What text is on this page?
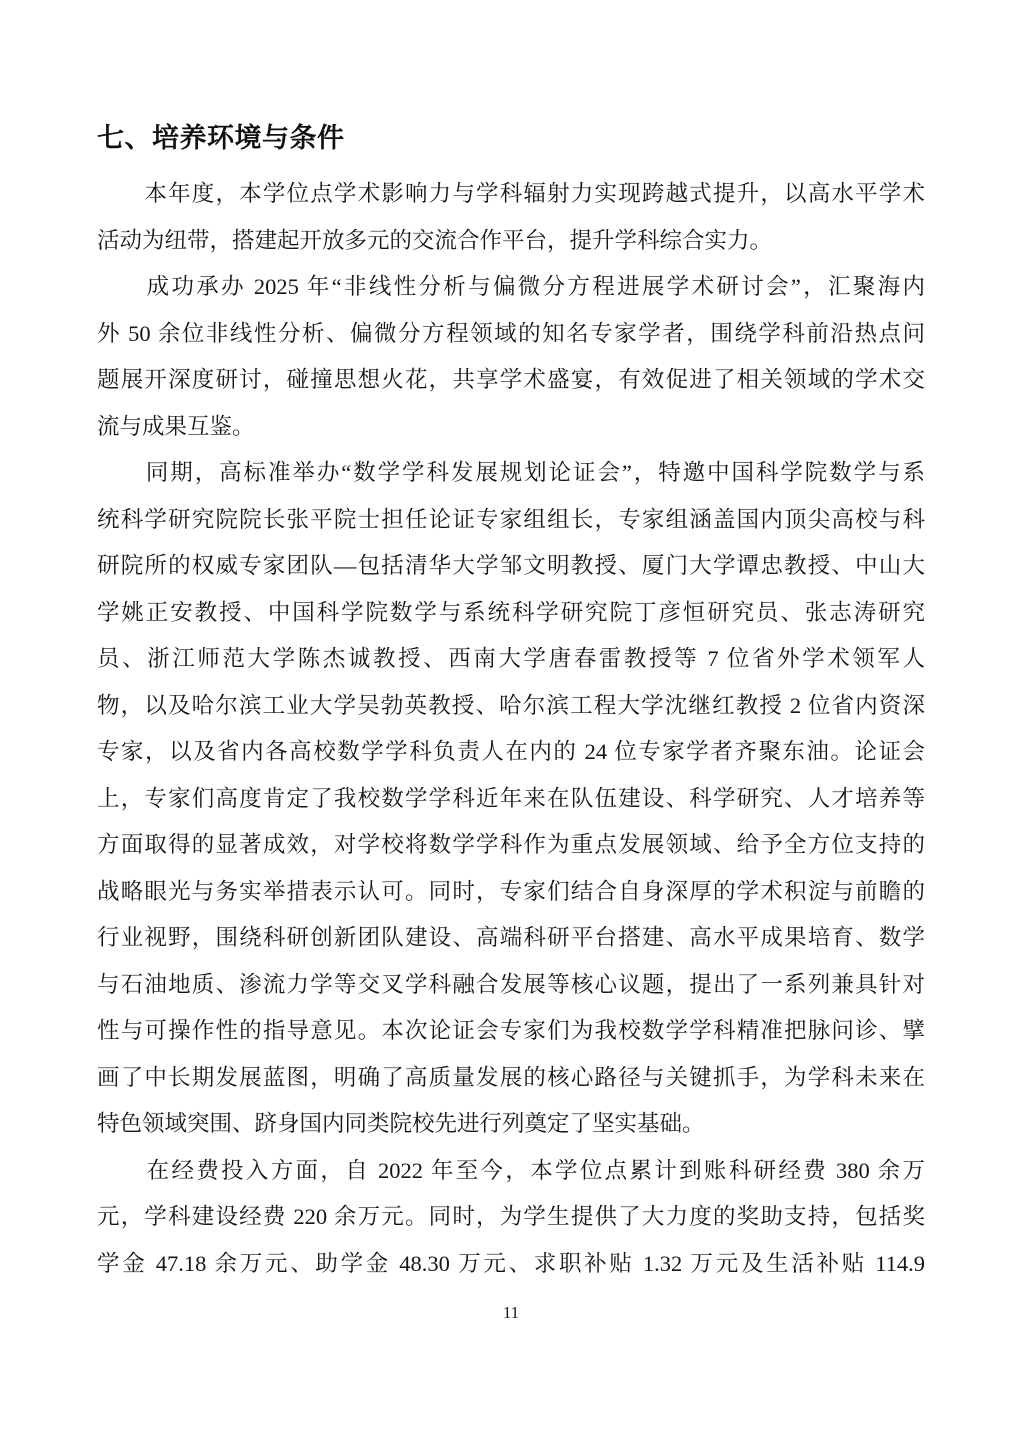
七、培养环境与条件
　　本年度，本学位点学术影响力与学科辐射力实现跨越式提升，以高水平学术
活动为纽带，搭建起开放多元的交流合作平台，提升学科综合实力。
　　成功承办 2025 年“非线性分析与偏微分方程进展学术研讨会”，汇聚海内
外 50 余位非线性分析、偏微分方程领域的知名专家学者，围绕学科前沿热点问
题展开深度研讨，碰撞思想火花，共享学术盛宴，有效促进了相关领域的学术交
流与成果互鉴。
　　同期，高标准举办“数学学科发展规划论证会”，特邀中国科学院数学与系
统科学研究院院长张平院士担任论证专家组组长，专家组涵盖国内顶尖高校与科
研院所的权威专家团队—包括清华大学邹文明教授、厦门大学谭忠教授、中山大
学姚正安教授、中国科学院数学与系统科学研究院丁彦恒研究员、张志涛研究
员、浙江师范大学陈杰诚教授、西南大学唐春雷教授等 7 位省外学术领军人
物，以及哈尔滨工业大学吴勃英教授、哈尔滨工程大学沈继红教授 2 位省内资深
专家，以及省内各高校数学学科负责人在内的 24 位专家学者齐聚东油。论证会
上，专家们高度肯定了我校数学学科近年来在队伍建设、科学研究、人才培养等
方面取得的显著成效，对学校将数学学科作为重点发展领域、给予全方位支持的
战略眼光与务实举措表示认可。同时，专家们结合自身深厚的学术积淀与前瞻的
行业视野，围绕科研创新团队建设、高端科研平台搭建、高水平成果培育、数学
与石油地质、渗流力学等交叉学科融合发展等核心议题，提出了一系列兼具针对
性与可操作性的指导意见。本次论证会专家们为我校数学学科精准把脉问诊、擘
画了中长期发展蓝图，明确了高质量发展的核心路径与关键抓手，为学科未来在
特色领域突围、跻身国内同类院校先进行列奠定了坚实基础。
　　在经费投入方面，自 2022 年至今，本学位点累计到账科研经费 380 余万
元，学科建设经费 220 余万元。同时，为学生提供了大力度的奖助支持，包括奖
学金 47.18 余万元、助学金 48.30 万元、求职补贴 1.32 万元及生活补贴 114.9
11
